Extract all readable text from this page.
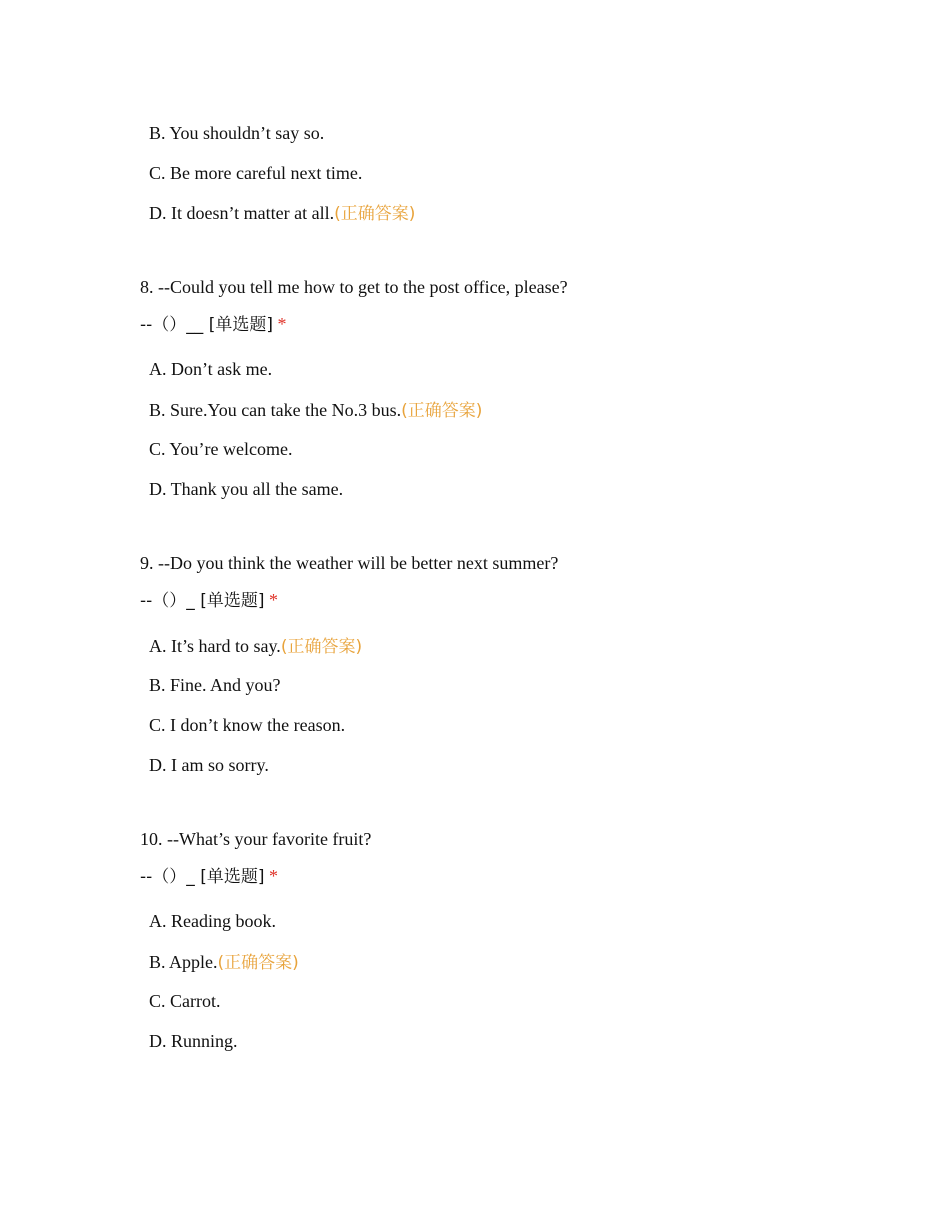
B. You shouldn’t say so.
C. Be more careful next time.
D. It doesn’t matter at all.(正确答案)
8. --Could you tell me how to get to the post office, please?
--（）__ [单选题] *
A. Don’t ask me.
B. Sure.You can take the No.3 bus.(正确答案)
C. You’re welcome.
D. Thank you all the same.
9. --Do you think the weather will be better next summer?
--（）_ [单选题] *
A. It’s hard to say.(正确答案)
B. Fine. And you?
C. I don’t know the reason.
D. I am so sorry.
10. --What’s your favorite fruit?
--（）_ [单选题] *
A. Reading book.
B. Apple.(正确答案)
C. Carrot.
D. Running.
